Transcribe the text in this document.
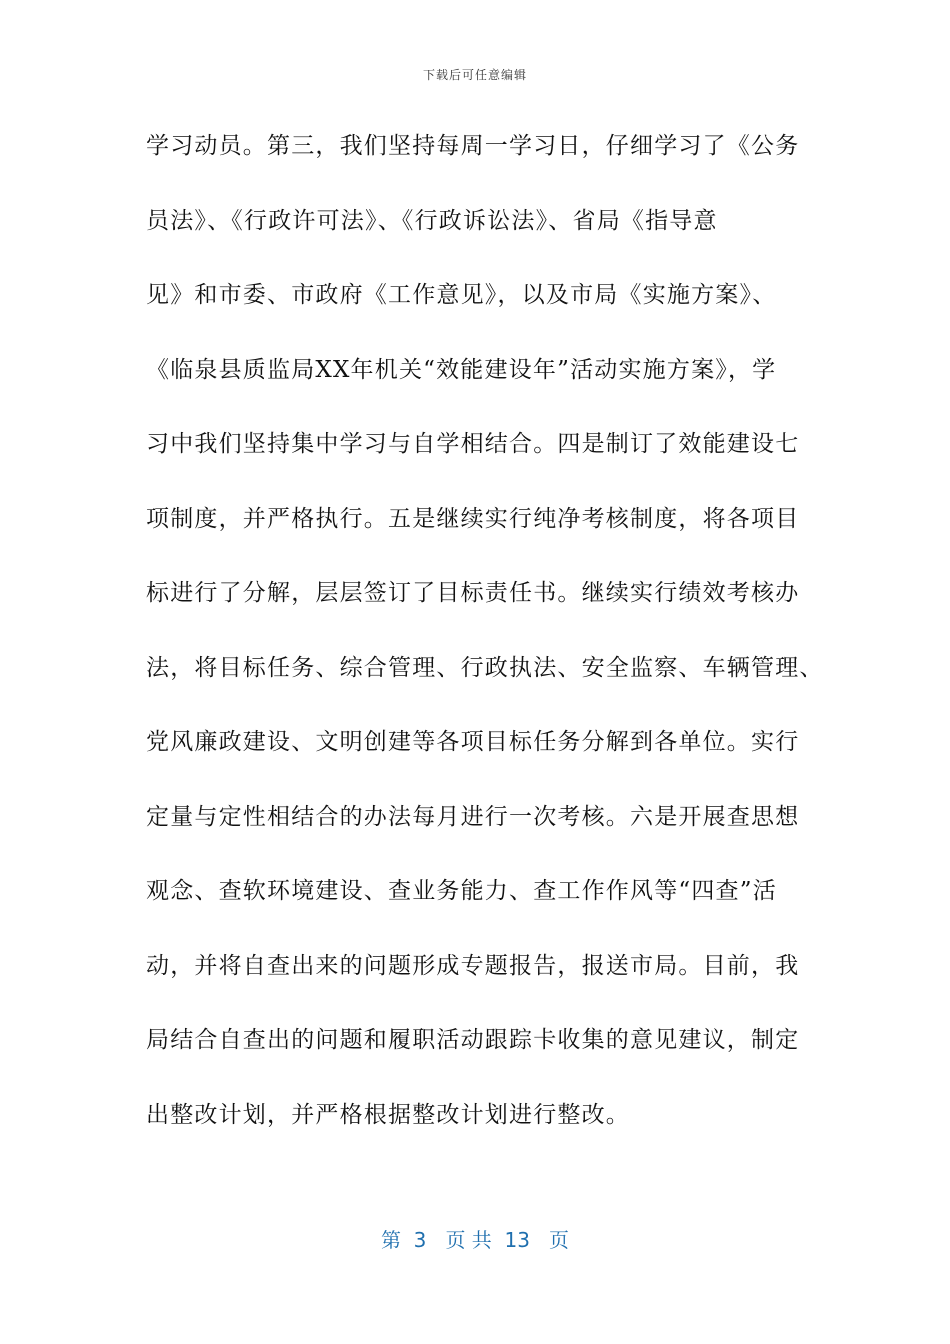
下载后可任意编辑
学习动员。第三，我们坚持每周一学习日，仔细学习了《公务
员法》、《行政许可法》、《行政诉讼法》、省局《指导意
见》和市委、市政府《工作意见》，以及市局《实施方案》、
《临泉县质监局XX年机关“效能建设年”活动实施方案》，学
习中我们坚持集中学习与自学相结合。四是制订了效能建设七
项制度，并严格执行。五是继续实行纯净考核制度，将各项目
标进行了分解，层层签订了目标责任书。继续实行绩效考核办
法，将目标任务、综合管理、行政执法、安全监察、车辆管理、
党风廉政建设、文明创建等各项目标任务分解到各单位。实行
定量与定性相结合的办法每月进行一次考核。六是开展查思想
观念、查软环境建设、查业务能力、查工作作风等“四查”活
动，并将自查出来的问题形成专题报告，报送市局。目前，我
局结合自查出的问题和履职活动跟踪卡收集的意见建议，制定
出整改计划，并严格根据整改计划进行整改。
第  3   页 共  13   页
